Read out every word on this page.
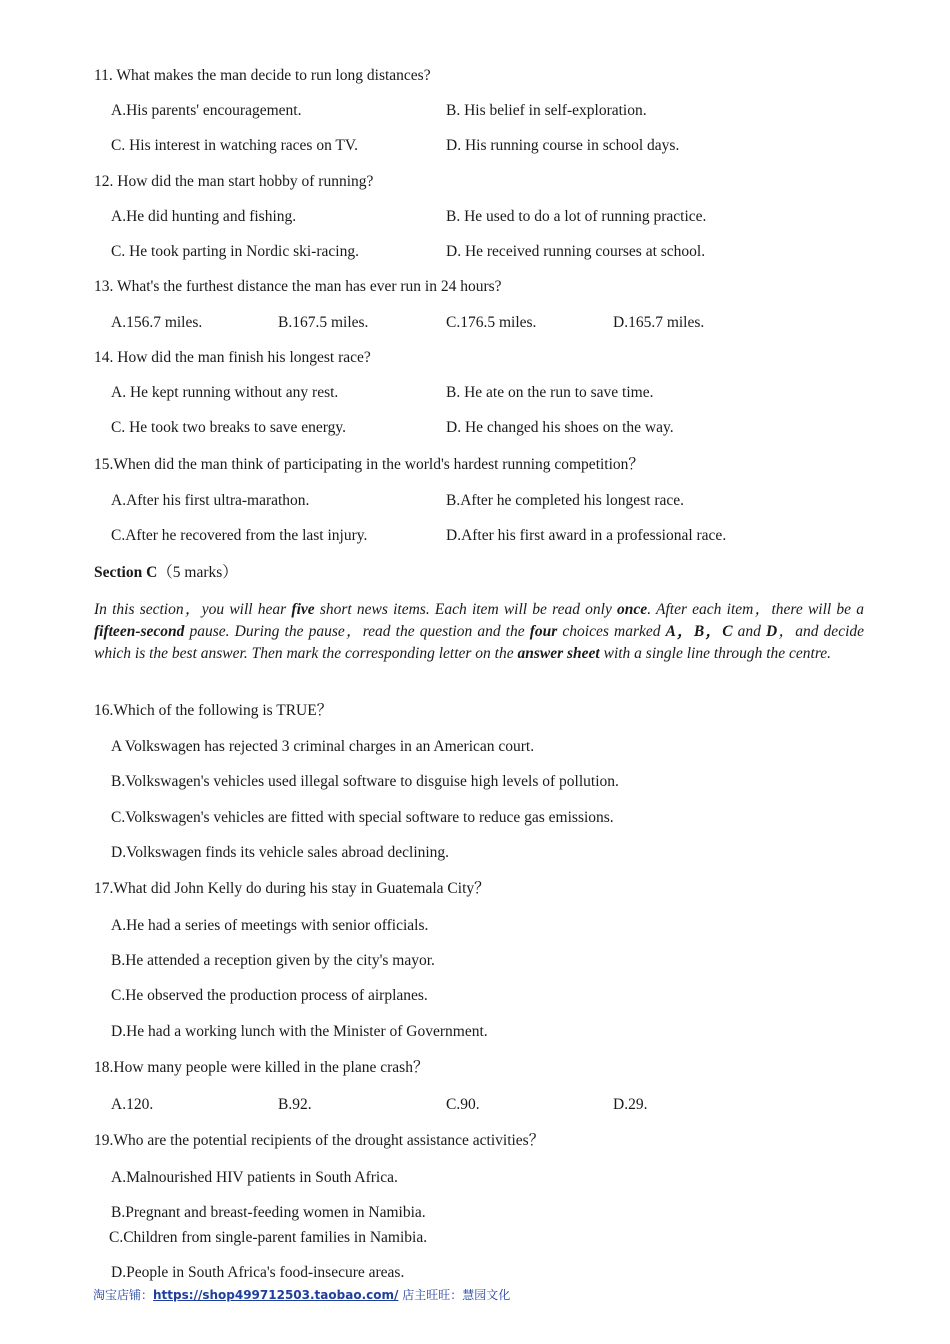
11. What makes the man decide to run long distances?
A.His parents' encouragement.	B. His belief in self-exploration.
C. His interest in watching races on TV.	D. His running course in school days.
12. How did the man start hobby of running?
A.He did hunting and fishing.	B. He used to do a lot of running practice.
C. He took parting in Nordic ski-racing.	D. He received running courses at school.
13. What's the furthest distance the man has ever run in 24 hours?
A.156.7 miles.	B.167.5 miles.	C.176.5 miles.	D.165.7 miles.
14. How did the man finish his longest race?
A. He kept running without any rest.	B. He ate on the run to save time.
C. He took two breaks to save energy.	D. He changed his shoes on the way.
15.When did the man think of participating in the world's hardest running competition？
A.After his first ultra-marathon.	B.After he completed his longest race.
C.After he recovered from the last injury.	D.After his first award in a professional race.
Section C（5 marks）
In this section，you will hear five short news items. Each item will be read only once. After each item，there will be a fifteen-second pause. During the pause，read the question and the four choices marked A，B，C and D，and decide which is the best answer. Then mark the corresponding letter on the answer sheet with a single line through the centre.
16.Which of the following is TRUE？
A Volkswagen has rejected 3 criminal charges in an American court.
B.Volkswagen's vehicles used illegal software to disguise high levels of pollution.
C.Volkswagen's vehicles are fitted with special software to reduce gas emissions.
D.Volkswagen finds its vehicle sales abroad declining.
17.What did John Kelly do during his stay in Guatemala City？
A.He had a series of meetings with senior officials.
B.He attended a reception given by the city's mayor.
C.He observed the production process of airplanes.
D.He had a working lunch with the Minister of Government.
18.How many people were killed in the plane crash？
A.120.	B.92.	C.90.	D.29.
19.Who are the potential recipients of the drought assistance activities？
A.Malnourished HIV patients in South Africa.
B.Pregnant and breast-feeding women in Namibia.
C.Children from single-parent families in Namibia.
D.People in South Africa's food-insecure areas.
淘宝店铺：https://shop499712503.taobao.com/ 店主旺旺：慧园文化
